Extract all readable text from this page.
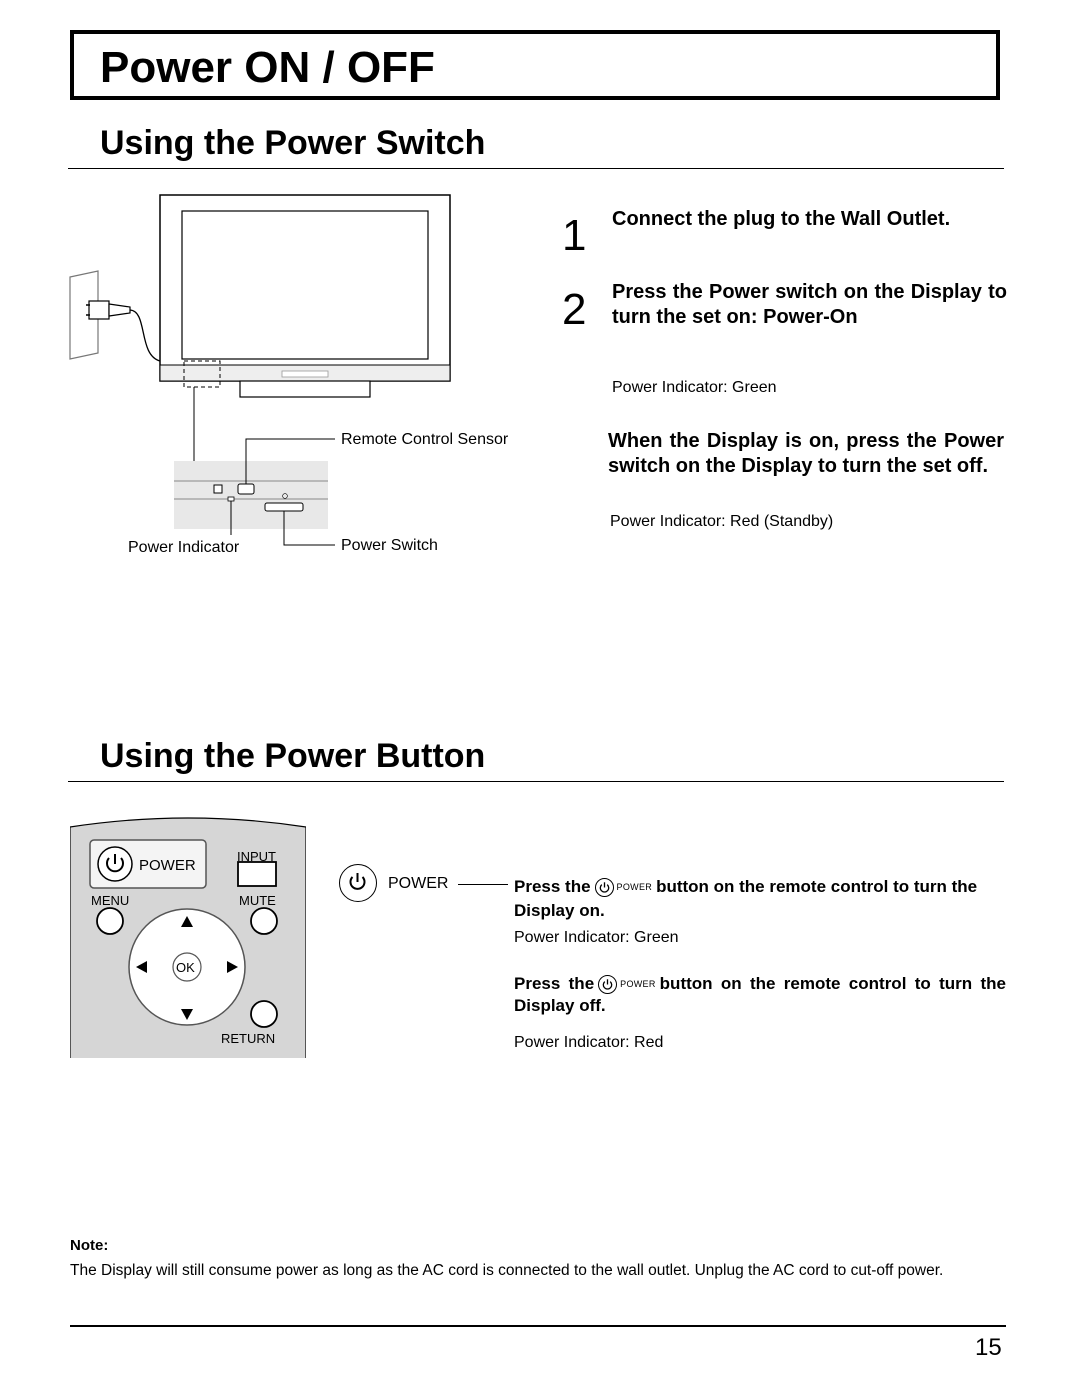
Power ON / OFF
Using the Power Switch
Remote Control Sensor
Power Indicator	Power Switch
1 Connect the plug to the Wall Outlet.
2 Press the Power switch on the Display to turn the set on: Power-On
Power Indicator: Green
When the Display is on, press the Power switch on the Display to turn the set off.
Power Indicator: Red (Standby)
Using the Power Button
POWER
INPUT
MENU	MUTE
OK
RETURN
POWER	Press the	POWER button on the remote control to turn the Display on.
Power Indicator: Green
Press the	POWER button on the remote control to turn the Display off.
Power Indicator: Red
Note:
The Display will still consume power as long as the AC cord is connected to the wall outlet. Unplug the AC cord to cut-off power.
15
